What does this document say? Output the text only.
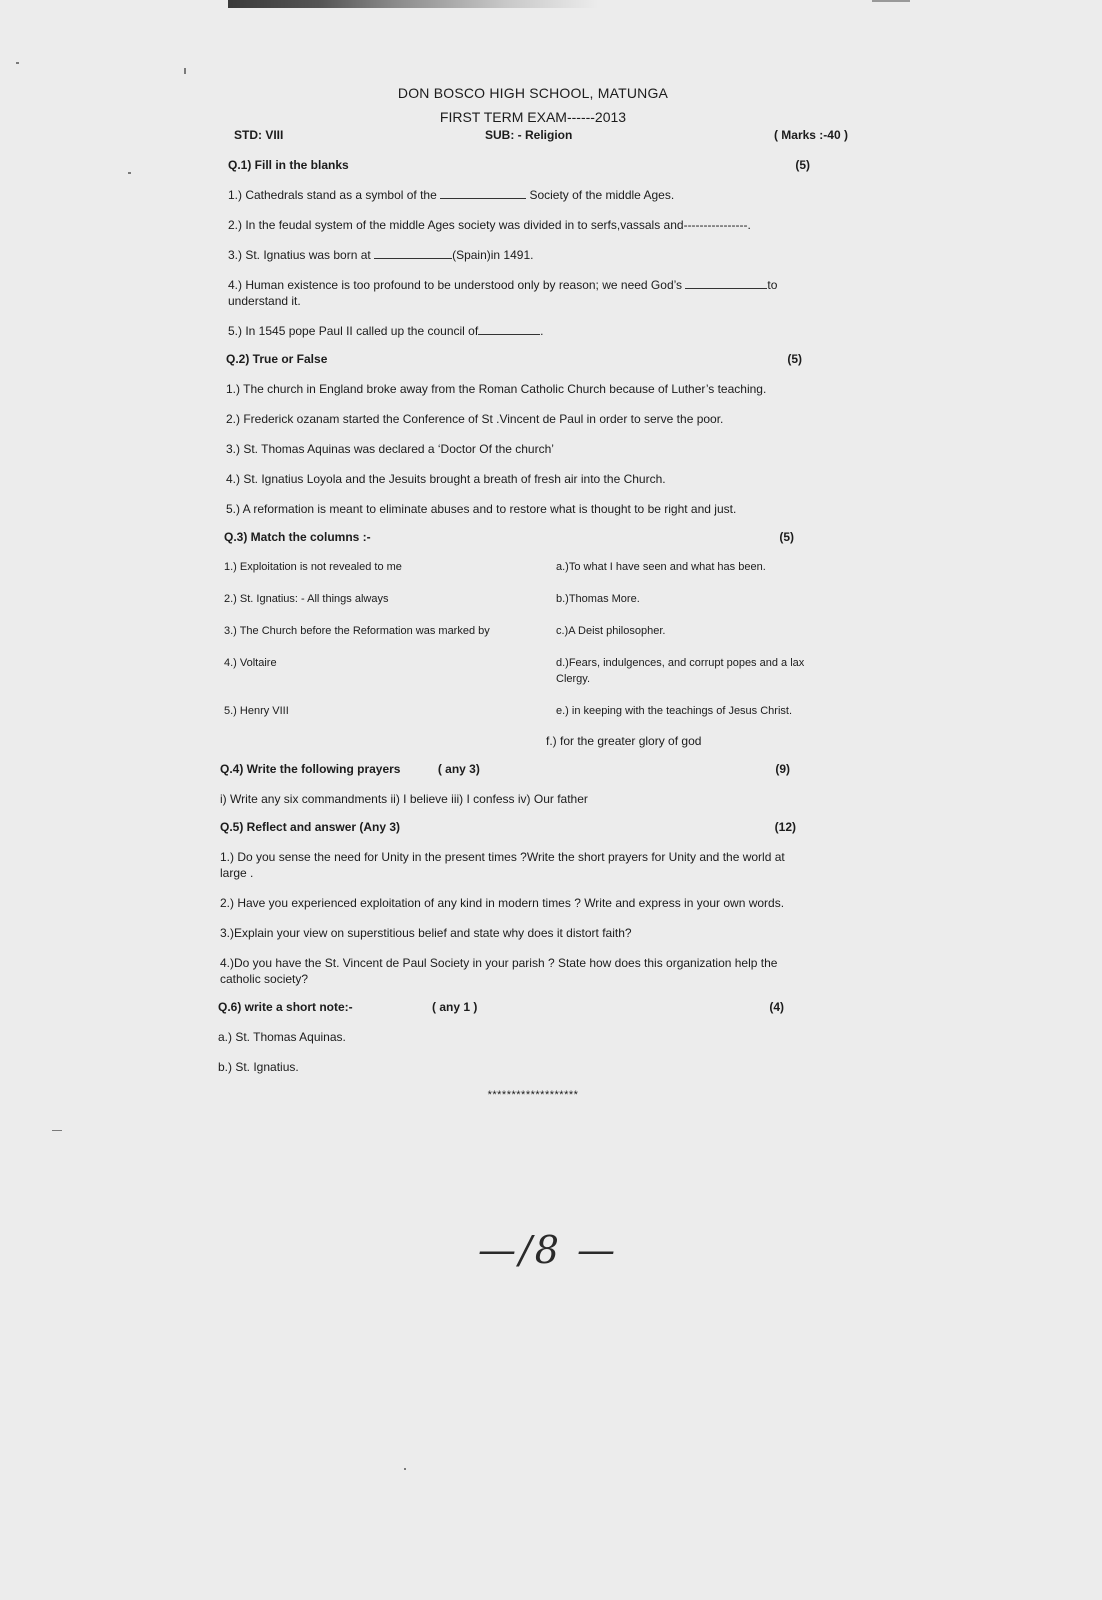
DON BOSCO HIGH SCHOOL, MATUNGA
FIRST TERM EXAM------2013
STD: VIII	SUB: - Religion	( Marks :-40 )
Q.1) Fill in the blanks	(5)
1.) Cathedrals stand as a symbol of the	Society of the middle Ages.
2.) In the feudal system of the middle Ages society was divided in to serfs,vassals and----------------.
3.) St. Ignatius was born at	(Spain)in 1491.
4.) Human existence is too profound to be understood only by reason; we need God’s	to understand it.
5.) In 1545 pope Paul II called up the council of	.
Q.2) True or False	(5)
1.) The church in England broke away from the Roman Catholic Church because of Luther’s teaching.
2.) Frederick ozanam started the Conference of St .Vincent de Paul in order to serve the poor.
3.) St. Thomas Aquinas was declared a ‘Doctor Of the church’
4.) St. Ignatius Loyola and the Jesuits brought a breath of fresh air into the Church.
5.) A reformation is meant to eliminate abuses and to restore what is thought to be right and just.
Q.3) Match the columns :-	(5)
1.) Exploitation is not revealed to me	a.)To what I have seen and what has been.
2.) St. Ignatius: - All things always	b.)Thomas More.
3.) The Church before the Reformation was marked by	c.)A Deist philosopher.
4.) Voltaire	d.)Fears, indulgences, and corrupt popes and a lax Clergy.
5.) Henry VIII	e.) in keeping with the teachings of Jesus Christ.
f.) for the greater glory of god
Q.4) Write the following prayers	( any 3)	(9)
i) Write any six commandments ii) I believe iii) I confess iv) Our father
Q.5) Reflect and answer (Any 3)	(12)
1.) Do you sense the need for Unity in the present times ?Write the short prayers for Unity and the world at large .
2.) Have you experienced exploitation of any kind in modern times ? Write and express in your own words.
3.)Explain your view on superstitious belief and state why does it distort faith?
4.)Do you have the St. Vincent de Paul Society in your parish ? State how does this organization help the catholic society?
Q.6) write a short note:-	( any 1 )	(4)
a.) St. Thomas Aquinas.
b.) St. Ignatius.
*******************
—/8 —
